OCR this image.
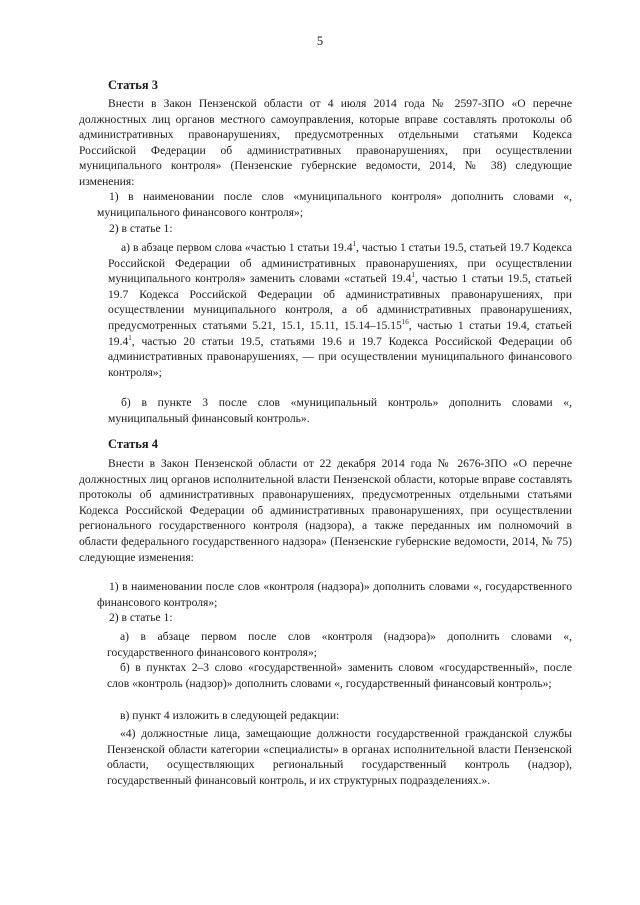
5
Статья 3
Внести в Закон Пензенской области от 4 июля 2014 года № 2597-ЗПО «О перечне должностных лиц органов местного самоуправления, которые вправе составлять протоколы об административных правонарушениях, предусмотренных отдельными статьями Кодекса Российской Федерации об административных правонарушениях, при осуществлении муниципального контроля» (Пензенские губернские ведомости, 2014, № 38) следующие изменения:
1) в наименовании после слов «муниципального контроля» дополнить словами «, муниципального финансового контроля»;
2) в статье 1:
а) в абзаце первом слова «частью 1 статьи 19.4$^1$, частью 1 статьи 19.5, статьей 19.7 Кодекса Российской Федерации об административных правонарушениях, при осуществлении муниципального контроля» заменить словами «статьей 19.4$^1$, частью 1 статьи 19.5, статьей 19.7 Кодекса Российской Федерации об административных правонарушениях, при осуществлении муниципального контроля, а об административных правонарушениях, предусмотренных статьями 5.21, 15.1, 15.11, 15.14–15.15$^{16}$, частью 1 статьи 19.4, статьей 19.4$^1$, частью 20 статьи 19.5, статьями 19.6 и 19.7 Кодекса Российской Федерации об административных правонарушениях, — при осуществлении муниципального финансового контроля»;
б) в пункте 3 после слов «муниципальный контроль» дополнить словами «, муниципальный финансовый контроль».
Статья 4
Внести в Закон Пензенской области от 22 декабря 2014 года № 2676-ЗПО «О перечне должностных лиц органов исполнительной власти Пензенской области, которые вправе составлять протоколы об административных правонарушениях, предусмотренных отдельными статьями Кодекса Российской Федерации об административных правонарушениях, при осуществлении регионального государственного контроля (надзора), а также переданных им полномочий в области федерального государственного надзора» (Пензенские губернские ведомости, 2014, № 75) следующие изменения:
1) в наименовании после слов «контроля (надзора)» дополнить словами «, государственного финансового контроля»;
2) в статье 1:
а) в абзаце первом после слов «контроля (надзора)» дополнить словами «, государственного финансового контроля»;
б) в пунктах 2–3 слово «государственной» заменить словом «государственный», после слов «контроль (надзор)» дополнить словами «, государственный финансовый контроль»;
в) пункт 4 изложить в следующей редакции:
«4) должностные лица, замещающие должности государственной гражданской службы Пензенской области категории «специалисты» в органах исполнительной власти Пензенской области, осуществляющих региональный государственный контроль (надзор), государственный финансовый контроль, и их структурных подразделениях.».
